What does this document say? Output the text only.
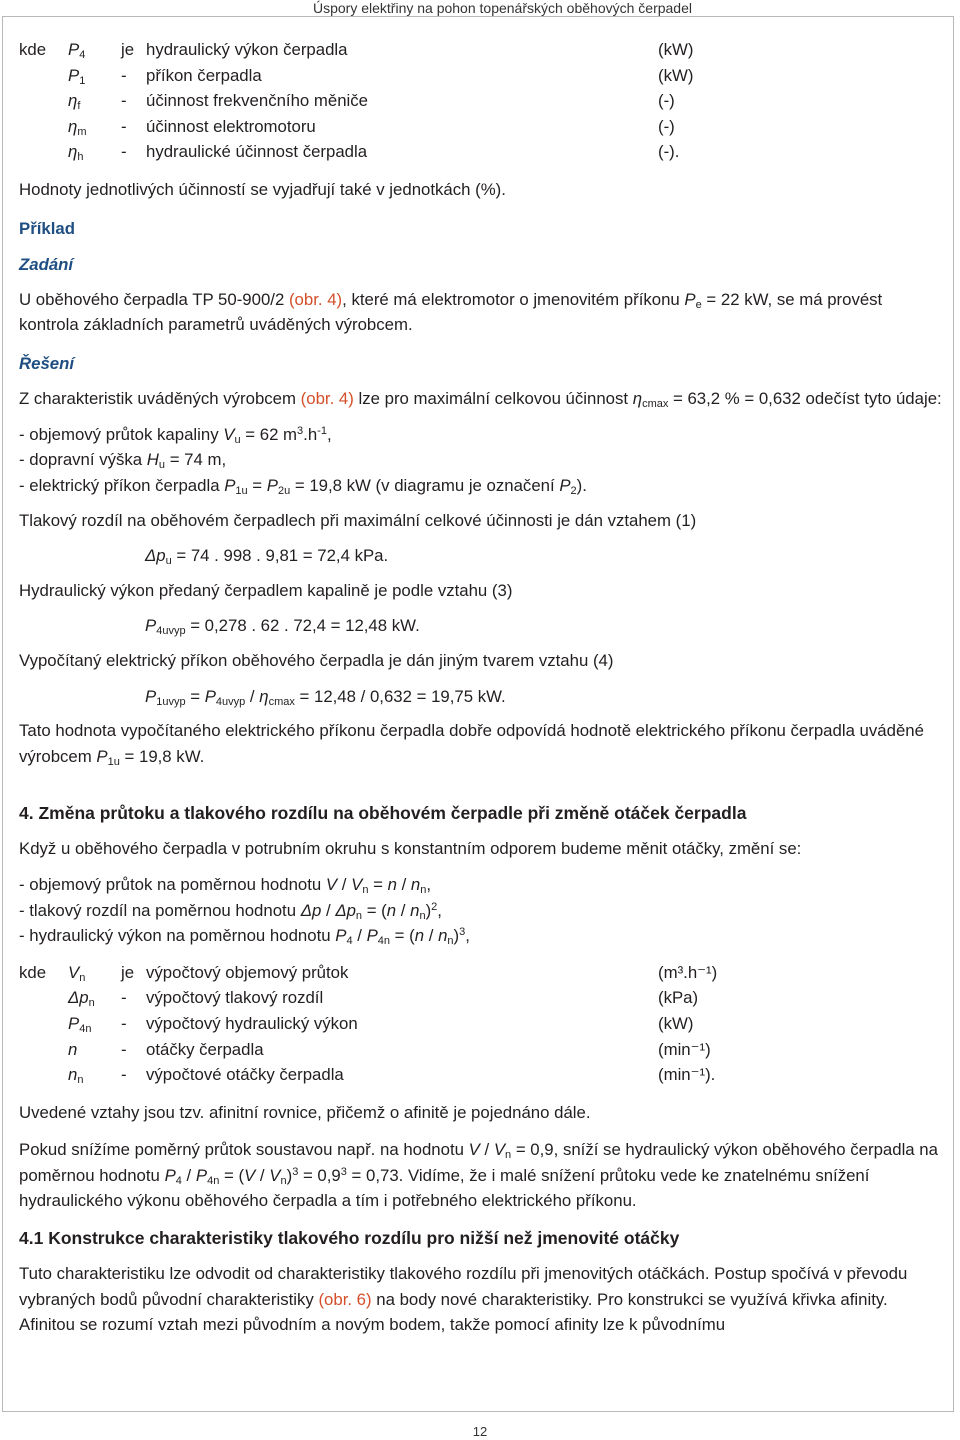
Úspory elektřiny na pohon topenářských oběhových čerpadel
kde $P_4$ je hydraulický výkon čerpadla	(kW)
$P_1$ - příkon čerpadla	(kW)
$\eta_f$ - účinnost frekvenčního měniče	(-)
$\eta_m$ - účinnost elektromotoru	(-)
$\eta_h$ - hydraulické účinnost čerpadla	(-).

Hodnoty jednotlivých účinností se vyjadřují také v jednotkách (%).

Příklad

Zadání

U oběhového čerpadla TP 50-900/2 (obr. 4), které má elektromotor o jmenovitém příkonu $P_e = 22$ kW, se má provést kontrola základních parametrů uváděných výrobcem.

Řešení

Z charakteristik uváděných výrobcem (obr. 4) lze pro maximální celkovou účinnost $\eta_{cmax} = 63,2$ % = 0,632 odečíst tyto údaje:

- objemový průtok kapaliny $V_u = 62$ $m^3.h^{-1}$,
- dopravní výška $H_u = 74$ m,
- elektrický příkon čerpadla $P_{1u} = P_{2u} = 19,8$ kW (v diagramu je označení $P_2$).

Tlakový rozdíl na oběhovém čerpadlech při maximální celkové účinnosti je dán vztahem (1)

$\Delta p_u = 74$ . 998 . 9,81 = 72,4 kPa.

Hydraulický výkon předaný čerpadlem kapalině je podle vztahu (3)

$P_{4uvyp} = 0,278$ . 62 . 72,4 = 12,48 kW.

Vypočítaný elektrický příkon oběhového čerpadla je dán jiným tvarem vztahu (4)

$P_{1uvyp} = P_{4uvyp} / \eta_{cmax} = 12,48 / 0,632 = 19,75$ kW.

Tato hodnota vypočítaného elektrického příkonu čerpadla dobře odpovídá hodnotě elektrického příkonu čerpadla uváděné výrobcem $P_{1u} = 19,8$ kW.

4. Změna průtoku a tlakového rozdílu na oběhovém čerpadle při změně otáček čerpadla

Když u oběhového čerpadla v potrubním okruhu s konstantním odporem budeme měnit otáčky, změní se:

- objemový průtok na poměrnou hodnotu $V / V_n = n / n_n$,
- tlakový rozdíl na poměrnou hodnotu $\Delta p / \Delta p_n = (n / n_n)^2$,
- hydraulický výkon na poměrnou hodnotu $P_4 / P_{4n} = (n / n_n)^3$,
kde $V_n$ je výpočtový objemový průtok	(m³.h⁻¹)
$\Delta p_n$ - výpočtový tlakový rozdíl	(kPa)
$P_{4n}$ - výpočtový hydraulický výkon	(kW)
n	- otáčky čerpadla	(min⁻¹)
$n_n$ - výpočtové otáčky čerpadla	(min⁻¹).

Uvedené vztahy jsou tzv. afinitní rovnice, přičemž o afinitě je pojednáno dále.

Pokud snížíme poměrný průtok soustavou např. na hodnotu $V / V_n = 0,9$, sníží se hydraulický výkon oběhového čerpadla na poměrnou hodnotu $P_4 / P_{4n} = (V / V_n)^3 = 0,9^3 = 0,73$. Vidíme, že i malé snížení průtoku vede ke znatelnému snížení hydraulického výkonu oběhového čerpadla a tím i potřebného elektrického příkonu.

4.1 Konstrukce charakteristiky tlakového rozdílu pro nižší než jmenovité otáčky

Tuto charakteristiku lze odvodit od charakteristiky tlakového rozdílu při jmenovitých otáčkách. Postup spočívá v převodu vybraných bodů původní charakteristiky (obr. 6) na body nové charakteristiky. Pro konstrukci se využívá křivka afinity. Afinitou se rozumí vztah mezi původním a novým bodem, takže pomocí afinity lze k původnímu

12
